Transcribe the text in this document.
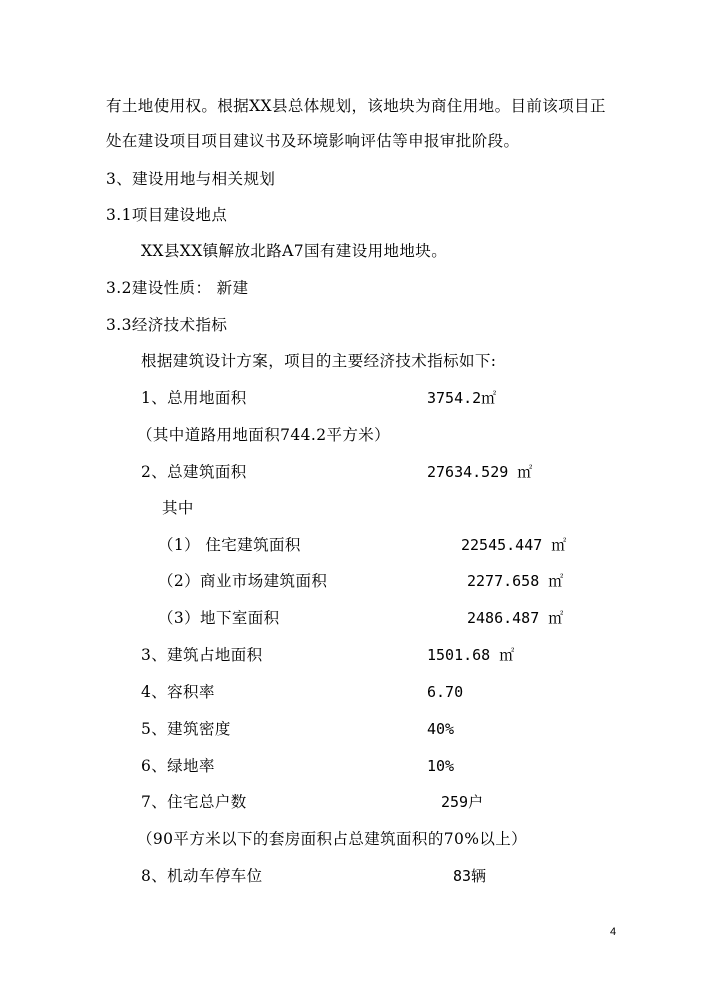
有土地使用权。根据XX县总体规划，该地块为商住用地。目前该项目正
处在建设项目项目建议书及环境影响评估等申报审批阶段。
3、建设用地与相关规划
3.1项目建设地点
XX县XX镇解放北路A7国有建设用地地块。
3.2建设性质： 新建
3.3经济技术指标
根据建筑设计方案，项目的主要经济技术指标如下:
1、总用地面积	3754.2㎡
（其中道路用地面积744.2平方米）
2、总建筑面积	27634.529 ㎡
其中
（1） 住宅建筑面积	22545.447 ㎡
（2）商业市场建筑面积	2277.658 ㎡
（3）地下室面积	2486.487 ㎡
3、建筑占地面积	1501.68 ㎡
4、容积率	6.70
5、建筑密度	40%
6、绿地率	10%
7、住宅总户数	259户
（90平方米以下的套房面积占总建筑面积的70%以上）
8、机动车停车位	83辆
4
